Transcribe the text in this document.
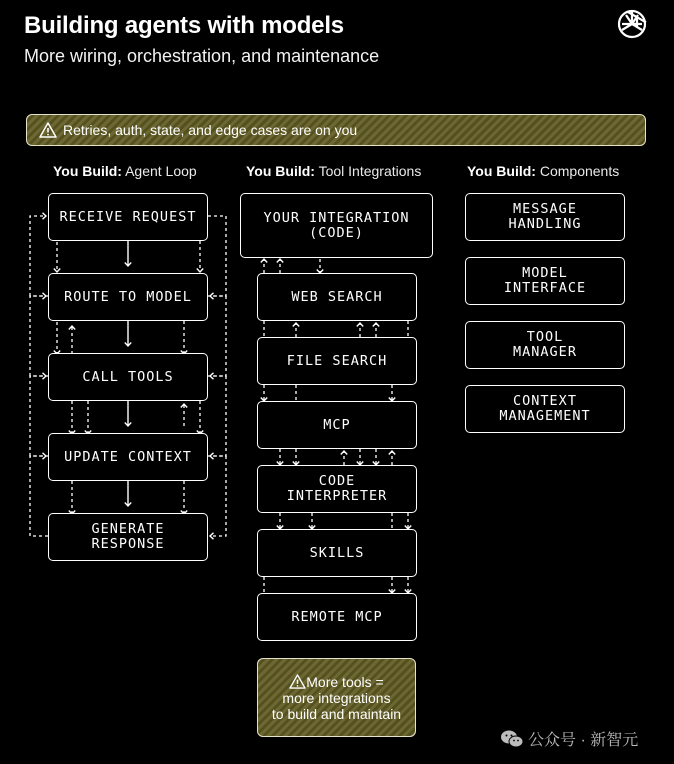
Building agents with models
More wiring, orchestration, and maintenance
Retries, auth, state, and edge cases are on you
You Build: Agent Loop	You Build: Tool Integrations	You Build: Components
RECEIVE REQUEST
ROUTE TO MODEL
CALL TOOLS
UPDATE CONTEXT
GENERATE
RESPONSE
YOUR INTEGRATION
(CODE)
WEB SEARCH
FILE SEARCH
MCP
CODE
INTERPRETER
SKILLS
REMOTE MCP
More tools =
more integrations
to build and maintain
MESSAGE
HANDLING
MODEL
INTERFACE
TOOL
MANAGER
CONTEXT
MANAGEMENT
公众号 · 新智元
